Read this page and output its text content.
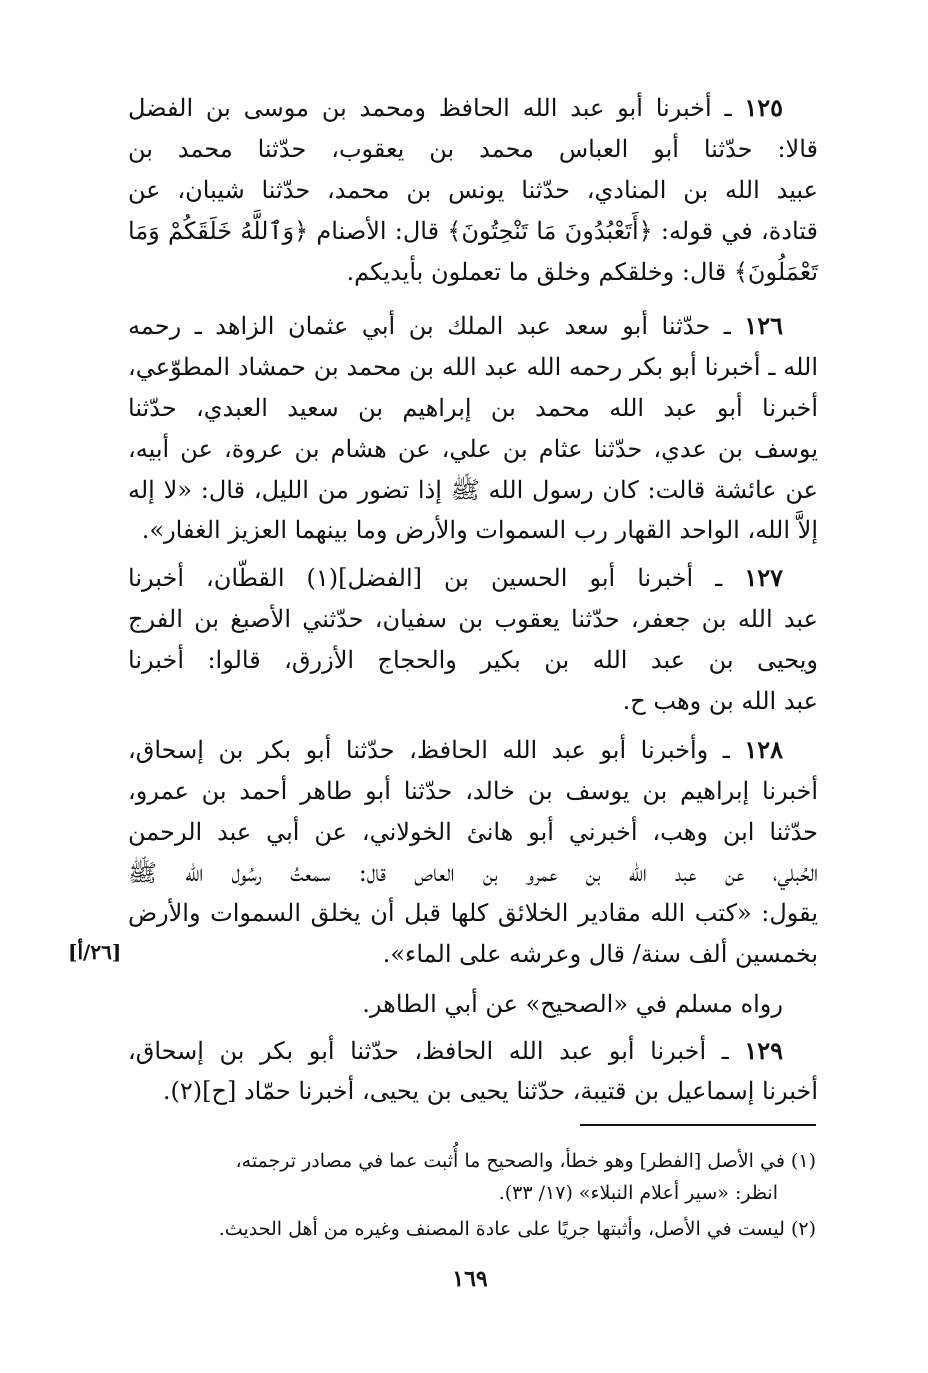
١٢٥ ـ أخبرنا أبو عبد الله الحافظ ومحمد بن موسى بن الفضل
قالا: حدّثنا أبو العباس محمد بن يعقوب، حدّثنا محمد بن
عبيد الله بن المنادي، حدّثنا يونس بن محمد، حدّثنا شيبان، عن
قتادة، في قوله: ﴿أَتَعْبُدُونَ مَا تَنْحِتُونَ﴾ قال: الأصنام ﴿وَٱللَّهُ خَلَقَكُمْ وَمَا
تَعْمَلُونَ﴾ قال: وخلقكم وخلق ما تعملون بأيديكم.
١٢٦ ـ حدّثنا أبو سعد عبد الملك بن أبي عثمان الزاهد ـ رحمه
الله ـ أخبرنا أبو بكر رحمه الله عبد الله بن محمد بن حمشاد المطوّعي،
أخبرنا أبو عبد الله محمد بن إبراهيم بن سعيد العبدي، حدّثنا
يوسف بن عدي، حدّثنا عثام بن علي، عن هشام بن عروة، عن أبيه،
عن عائشة قالت: كان رسول الله ﷺ إذا تضور من الليل، قال: «لا إله
إلاَّ الله، الواحد القهار رب السموات والأرض وما بينهما العزيز الغفار».
١٢٧ ـ أخبرنا أبو الحسين بن [الفضل](١) القطّان، أخبرنا
عبد الله بن جعفر، حدّثنا يعقوب بن سفيان، حدّثني الأصبغ بن الفرج
ويحيى بن عبد الله بن بكير والحجاج الأزرق، قالوا: أخبرنا
عبد الله بن وهب ح.
١٢٨ ـ وأخبرنا أبو عبد الله الحافظ، حدّثنا أبو بكر بن إسحاق،
أخبرنا إبراهيم بن يوسف بن خالد، حدّثنا أبو طاهر أحمد بن عمرو،
حدّثنا ابن وهب، أخبرني أبو هانئ الخولاني، عن أبي عبد الرحمن
الحُبلي، عن عبد الله بن عمرو بن العاص قال: سمعتُ رسُول الله ﷺ
يقول: «كتب الله مقادير الخلائق كلها قبل أن يخلق السموات والأرض
بخمسين ألف سنة/ قال وعرشه على الماء».
[٢٦/أ]
رواه مسلم في «الصحيح» عن أبي الطاهر.
١٢٩ ـ أخبرنا أبو عبد الله الحافظ، حدّثنا أبو بكر بن إسحاق،
أخبرنا إسماعيل بن قتيبة، حدّثنا يحيى بن يحيى، أخبرنا حمّاد [ح](٢).
(١) في الأصل [الفطر] وهو خطأ، والصحيح ما أُثبت عما في مصادر ترجمته،
انظر: «سير أعلام النبلاء» (١٧/ ٣٣).
(٢) ليست في الأصل، وأثبتها جريًا على عادة المصنف وغيره من أهل الحديث.
١٦٩
